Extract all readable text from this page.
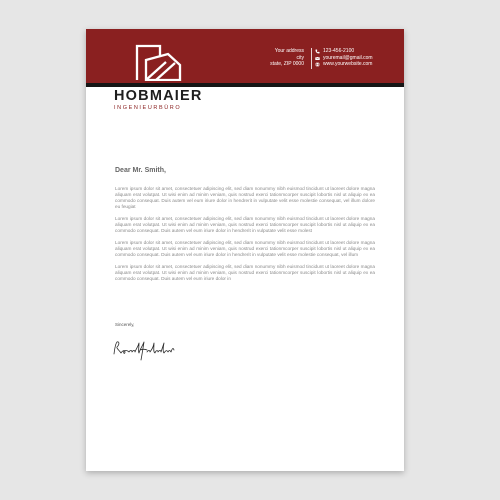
Your address
city
state, ZIP 0000
123-456-2100
youremail@gmail.com
www.yourwebsite.com
HOBMAIER
INGENIEURBÜRO
Dear Mr. Smith,

Lorem ipsum dolor sit amet, consectetuer adipiscing elit, sed diam nonummy nibh euismod tincidunt ut laoreet dolore magna aliquam erat volutpat. Ut wisi enim ad minim veniam, quis nostrud exerci tationmcorper suscipit lobortis nisl ut aliquip ex ea commodo consequat. Duis autem vel eum iriure dolor in hendrerit in vulputate velit esse molestie consequat, vel illum dolore eu feugiat

Lorem ipsum dolor sit amet, consectetuer adipiscing elit, sed diam nonummy nibh euismod tincidunt ut laoreet dolore magna aliquam erat volutpat. Ut wisi enim ad minim veniam, quis nostrud exerci tationmcorper suscipit lobortis nisl ut aliquip ex ea commodo consequat. Duis autem vel eum iriure dolor in hendrerit in vulputate velit esse molest

Lorem ipsum dolor sit amet, consectetuer adipiscing elit, sed diam nonummy nibh euismod tincidunt ut laoreet dolore magna aliquam erat volutpat. Ut wisi enim ad minim veniam, quis nostrud exerci tationmcorper suscipit lobortis nisl ut aliquip ex ea commodo consequat. Duis autem vel eum iriure dolor in hendrerit in vulputate velit esse molestie consequat, vel illum

Lorem ipsum dolor sit amet, consectetuer adipiscing elit, sed diam nonummy nibh euismod tincidunt ut laoreet dolore magna aliquam erat volutpat. Ut wisi enim ad minim veniam, quis nostrud exerci tationmcorper suscipit lobortis nisl ut aliquip ex ea commodo consequat. Duis autem vel eum iriure dolor in

Sincerely,
